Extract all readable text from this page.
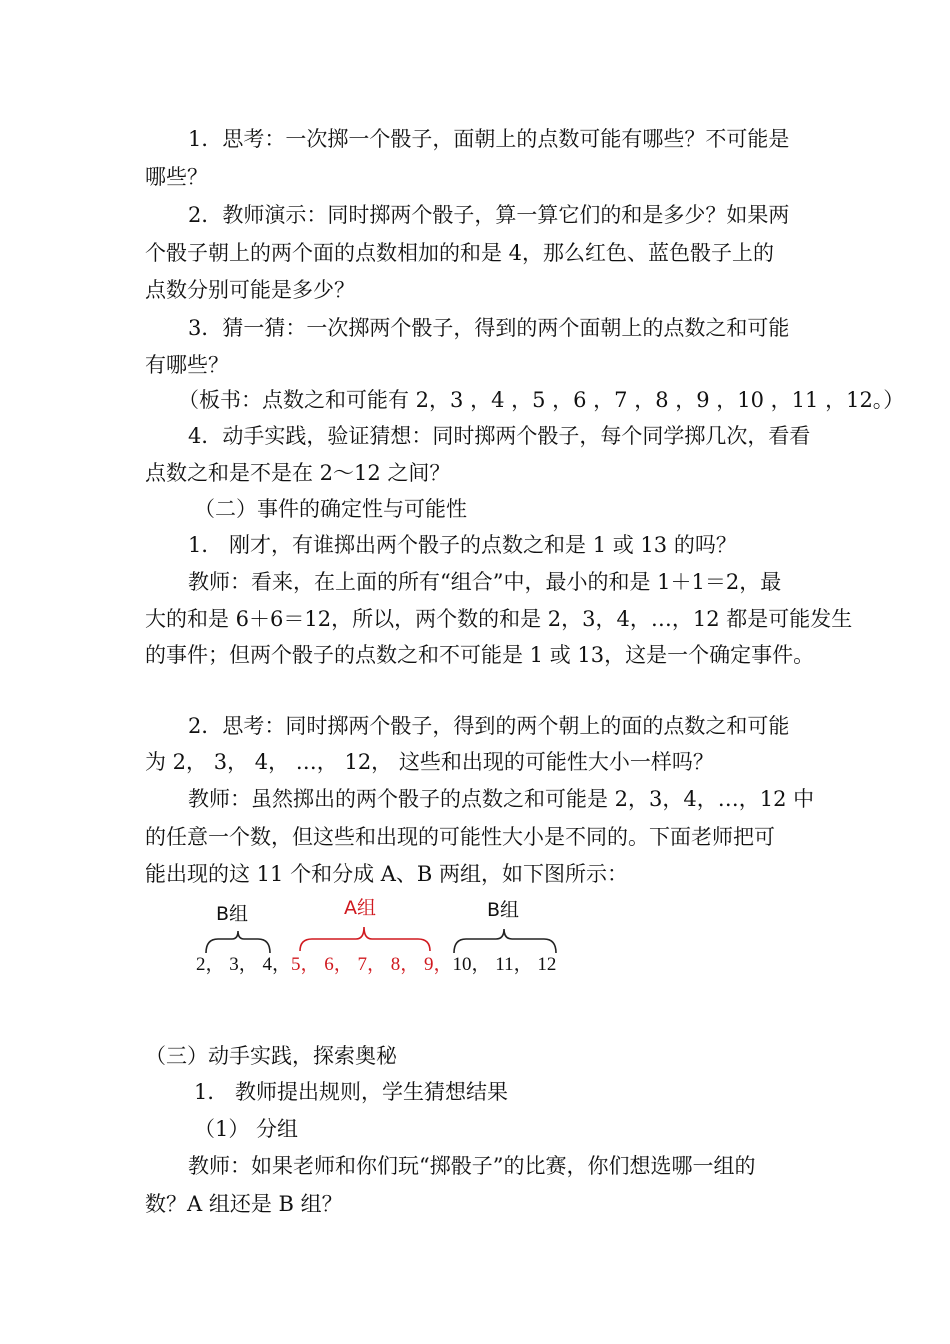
1．思考：一次掷一个骰子，面朝上的点数可能有哪些？不可能是
哪些？
2．教师演示：同时掷两个骰子，算一算它们的和是多少？如果两
个骰子朝上的两个面的点数相加的和是 4，那么红色、蓝色骰子上的
点数分别可能是多少？
3．猜一猜：一次掷两个骰子，得到的两个面朝上的点数之和可能
有哪些？
（板书：点数之和可能有 2，3 ，4 ，5 ，6 ，7 ，8 ，9 ，10 ，11 ，12。）
4．动手实践，验证猜想：同时掷两个骰子，每个同学掷几次，看看
点数之和是不是在 2～12 之间？
（二）事件的确定性与可能性
1． 刚才，有谁掷出两个骰子的点数之和是 1 或 13 的吗？
教师：看来，在上面的所有“组合”中，最小的和是 1＋1＝2，最
大的和是 6＋6＝12，所以，两个数的和是 2，3，4，…，12 都是可能发生
的事件；但两个骰子的点数之和不可能是 1 或 13，这是一个确定事件。
2．思考：同时掷两个骰子，得到的两个朝上的面的点数之和可能
为 2， 3， 4， …， 12， 这些和出现的可能性大小一样吗？
教师：虽然掷出的两个骰子的点数之和可能是 2，3，4，…，12 中
的任意一个数，但这些和出现的可能性大小是不同的。下面老师把可
能出现的这 11 个和分成 A、B 两组，如下图所示：
B组	A组	B组
2， 3， 4，5， 6， 7， 8， 9，10， 11， 12
（三）动手实践，探索奥秘
1． 教师提出规则，学生猜想结果
（1） 分组
教师：如果老师和你们玩“掷骰子”的比赛，你们想选哪一组的
数？A 组还是 B 组？
